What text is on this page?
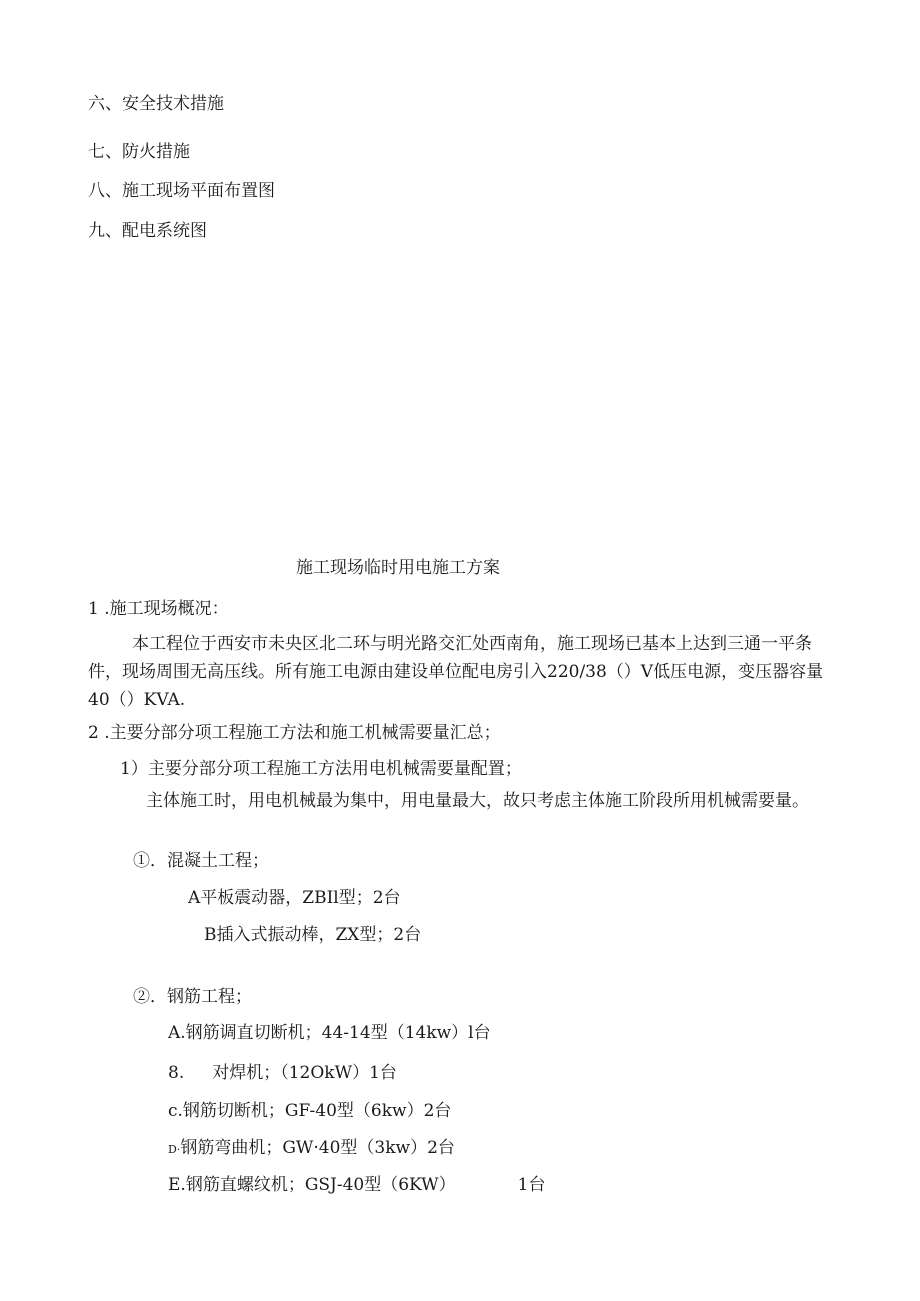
六、安全技术措施
七、防火措施
八、施工现场平面布置图
九、配电系统图
施工现场临时用电施工方案
1 .施工现场概况：
本工程位于西安市未央区北二环与明光路交汇处西南角，施工现场已基本上达到三通一平条件，现场周围无高压线。所有施工电源由建设单位配电房引入220/38（）V低压电源，变压器容量40（）KVA.
2 .主要分部分项工程施工方法和施工机械需要量汇总；
1）主要分部分项工程施工方法用电机械需要量配置；
主体施工时，用电机械最为集中，用电量最大，故只考虑主体施工阶段所用机械需要量。
①．混凝土工程；
A平板震动器，ZBIl型；2台
B插入式振动棒，ZX型；2台
②．钢筋工程；
A.钢筋调直切断机；44-14型（14kw）l台
8. 对焊机；（12OkW）1台
c.钢筋切断机；GF-40型（6kw）2台
D·钢筋弯曲机；GW·40型（3kw）2台
E.钢筋直螺纹机；GSJ-40型（6KW）	1台
